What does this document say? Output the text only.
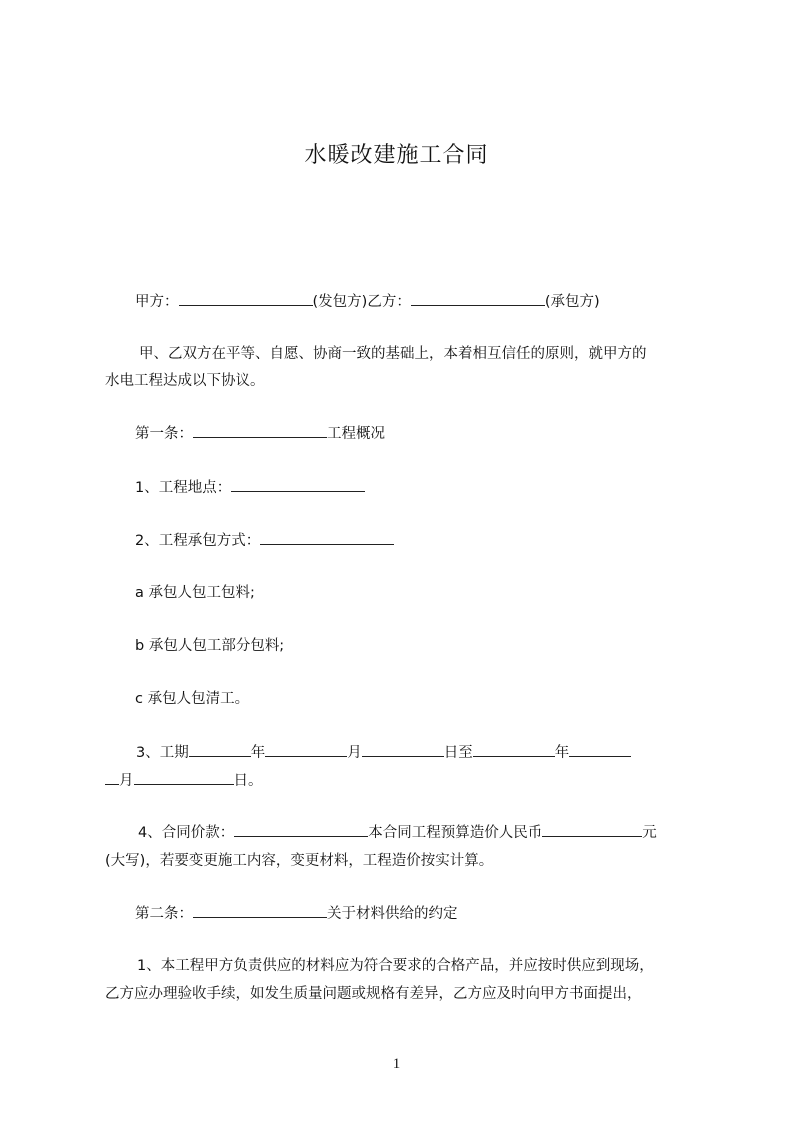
水暖改建施工合同
甲方：	(发包方)乙方：	(承包方)
甲、乙双方在平等、自愿、协商一致的基础上，本着相互信任的原则，就甲方的
水电工程达成以下协议。
第一条：	工程概况
1、工程地点：
2、工程承包方式：
a 承包人包工包料;
b 承包人包工部分包料;
c 承包人包清工。
3、工期	年	月	日至	年
月	日。
4、合同价款：	本合同工程预算造价人民币	元
(大写)，若要变更施工内容，变更材料，工程造价按实计算。
第二条：	关于材料供给的约定
1、本工程甲方负责供应的材料应为符合要求的合格产品，并应按时供应到现场，
乙方应办理验收手续，如发生质量问题或规格有差异，乙方应及时向甲方书面提出，
1
